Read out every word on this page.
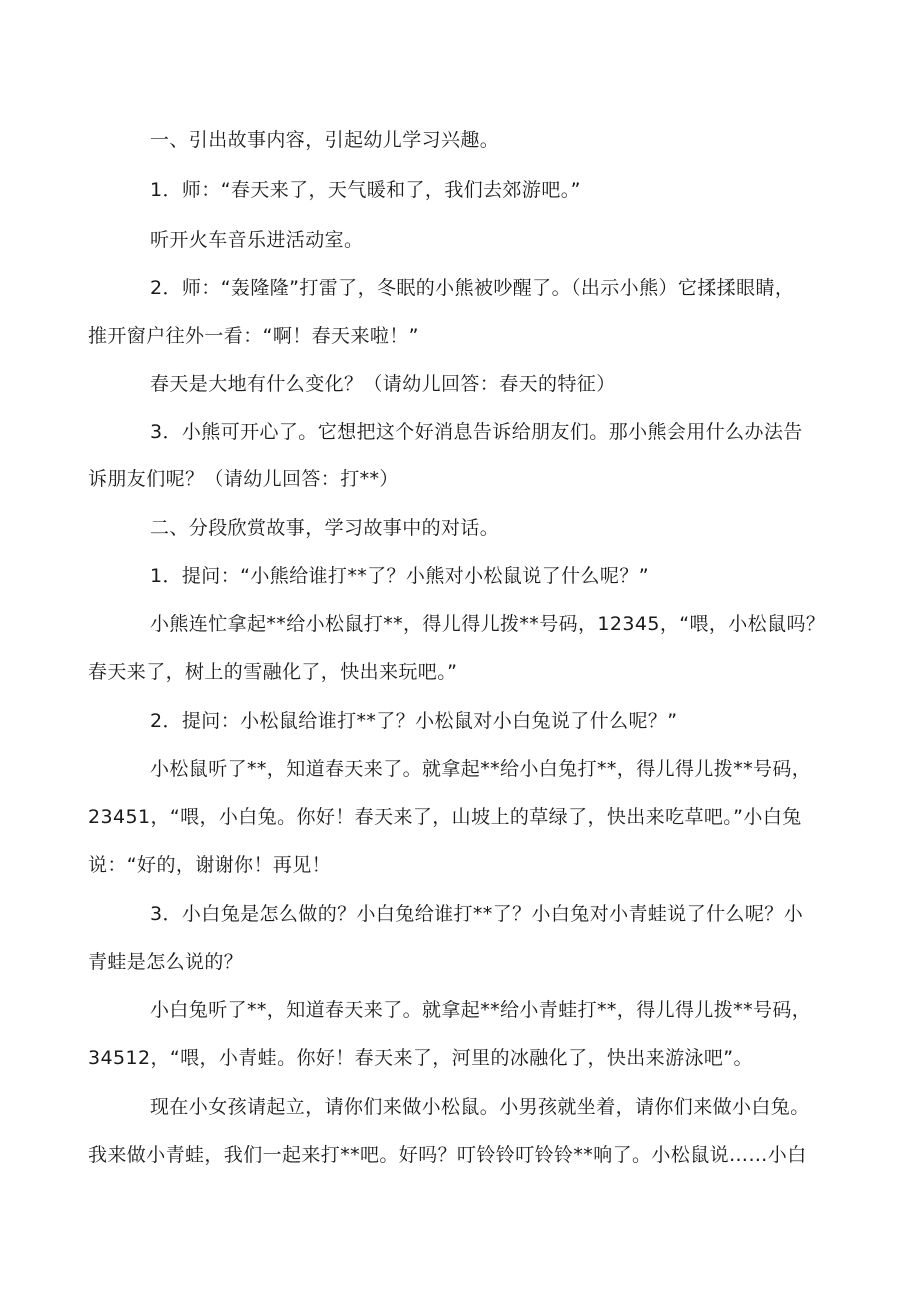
一、引出故事内容，引起幼儿学习兴趣。
1．师：“春天来了，天气暖和了，我们去郊游吧。”
听开火车音乐进活动室。
2．师：“轰隆隆”打雷了，冬眠的小熊被吵醒了。（出示小熊）它揉揉眼睛，
推开窗户往外一看：“啊！春天来啦！”
春天是大地有什么变化？（请幼儿回答：春天的特征）
3．小熊可开心了。它想把这个好消息告诉给朋友们。那小熊会用什么办法告
诉朋友们呢？（请幼儿回答：打**）
二、分段欣赏故事，学习故事中的对话。
1．提问：“小熊给谁打**了？小熊对小松鼠说了什么呢？”
小熊连忙拿起**给小松鼠打**，得儿得儿拨**号码，12345，“喂，小松鼠吗？
春天来了，树上的雪融化了，快出来玩吧。”
2．提问：小松鼠给谁打**了？小松鼠对小白兔说了什么呢？”
小松鼠听了**，知道春天来了。就拿起**给小白兔打**，得儿得儿拨**号码，
23451，“喂，小白兔。你好！春天来了，山坡上的草绿了，快出来吃草吧。”小白兔
说：“好的，谢谢你！再见！
3．小白兔是怎么做的？小白兔给谁打**了？小白兔对小青蛙说了什么呢？小
青蛙是怎么说的？
小白兔听了**，知道春天来了。就拿起**给小青蛙打**，得儿得儿拨**号码，
34512，“喂，小青蛙。你好！春天来了，河里的冰融化了，快出来游泳吧”。
现在小女孩请起立，请你们来做小松鼠。小男孩就坐着，请你们来做小白兔。
我来做小青蛙，我们一起来打**吧。好吗？叮铃铃叮铃铃**响了。小松鼠说……小白
